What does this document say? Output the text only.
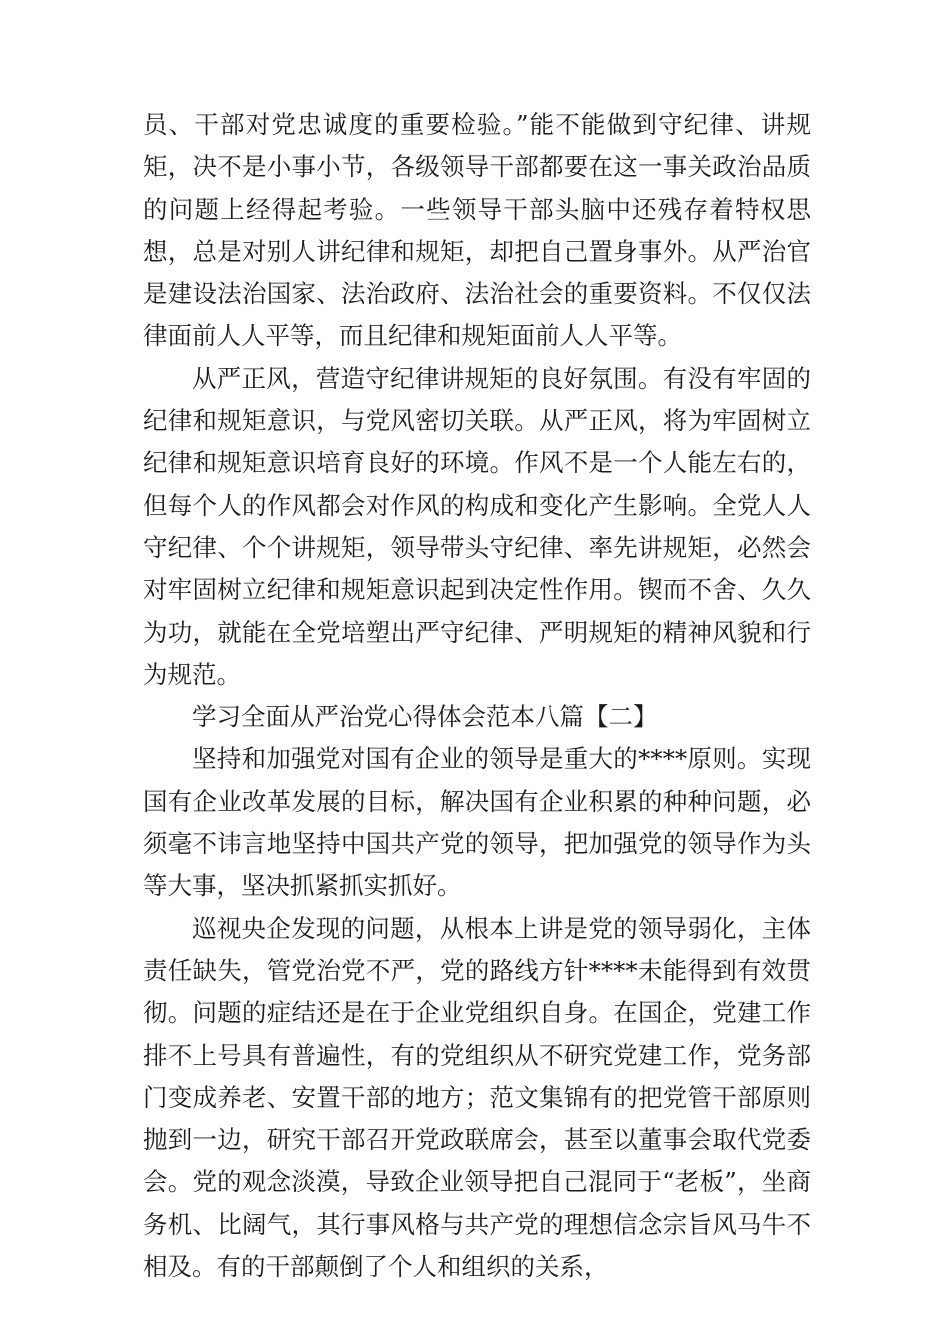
员、干部对党忠诚度的重要检验。”能不能做到守纪律、讲规矩，决不是小事小节，各级领导干部都要在这一事关政治品质的问题上经得起考验。一些领导干部头脑中还残存着特权思想，总是对别人讲纪律和规矩，却把自己置身事外。从严治官是建设法治国家、法治政府、法治社会的重要资料。不仅仅法律面前人人平等，而且纪律和规矩面前人人平等。

从严正风，营造守纪律讲规矩的良好氛围。有没有牢固的纪律和规矩意识，与党风密切关联。从严正风，将为牢固树立纪律和规矩意识培育良好的环境。作风不是一个人能左右的，但每个人的作风都会对作风的构成和变化产生影响。全党人人守纪律、个个讲规矩，领导带头守纪律、率先讲规矩，必然会对牢固树立纪律和规矩意识起到决定性作用。锲而不舍、久久为功，就能在全党培塑出严守纪律、严明规矩的精神风貌和行为规范。

学习全面从严治党心得体会范本八篇【二】

坚持和加强党对国有企业的领导是重大的****原则。实现国有企业改革发展的目标，解决国有企业积累的种种问题，必须毫不讳言地坚持中国共产党的领导，把加强党的领导作为头等大事，坚决抓紧抓实抓好。

巡视央企发现的问题，从根本上讲是党的领导弱化，主体责任缺失，管党治党不严，党的路线方针****未能得到有效贯彻。问题的症结还是在于企业党组织自身。在国企，党建工作排不上号具有普遍性，有的党组织从不研究党建工作，党务部门变成养老、安置干部的地方；范文集锦有的把党管干部原则抛到一边，研究干部召开党政联席会，甚至以董事会取代党委会。党的观念淡漠，导致企业领导把自己混同于“老板”，坐商务机、比阔气，其行事风格与共产党的理想信念宗旨风马牛不相及。有的干部颠倒了个人和组织的关系，
